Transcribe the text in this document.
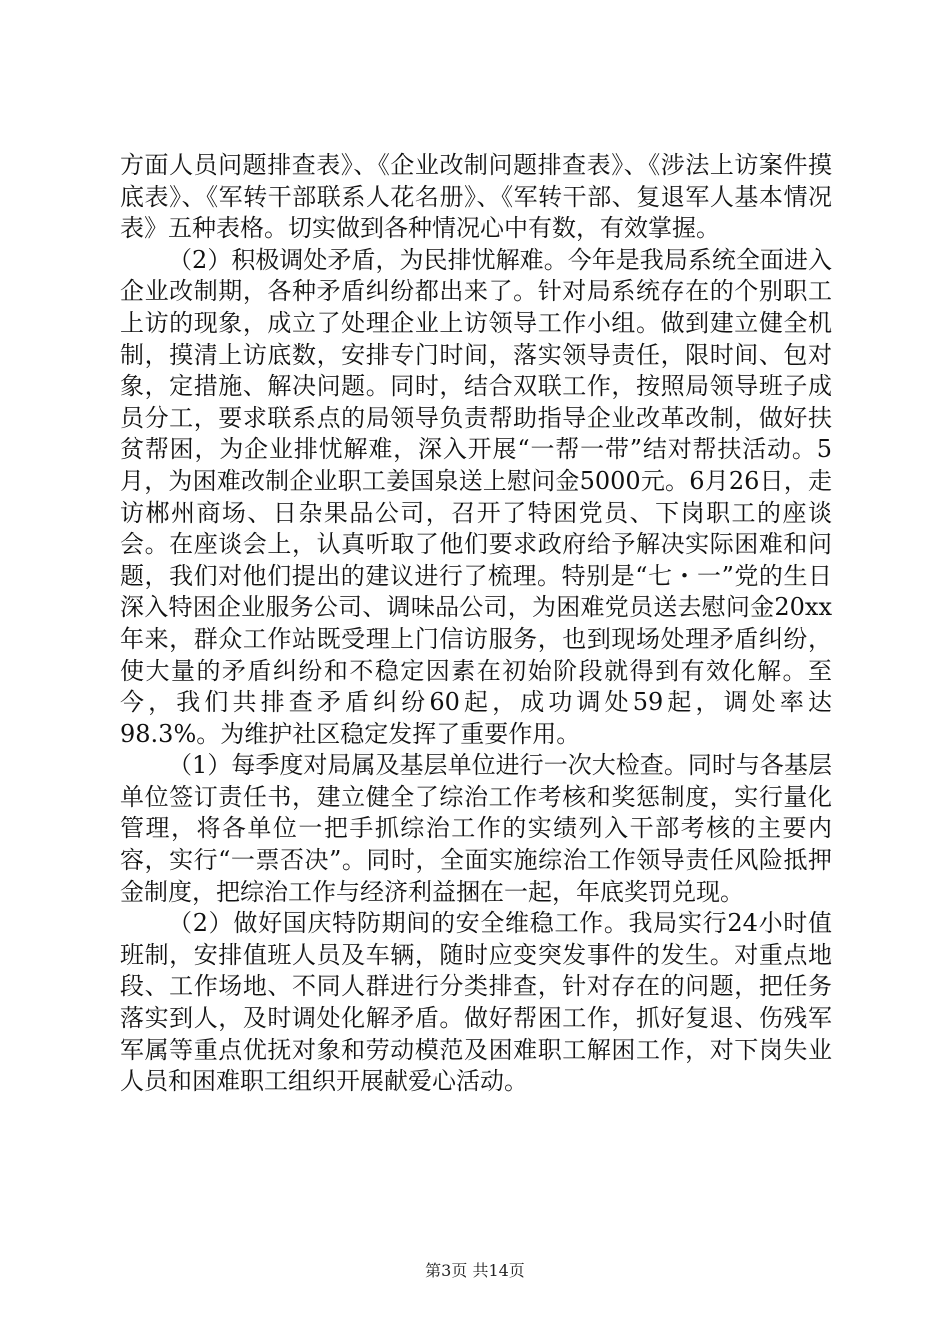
方面人员问题排查表》、《企业改制问题排查表》、《涉法上访案件摸底表》、《军转干部联系人花名册》、《军转干部、复退军人基本情况表》五种表格。切实做到各种情况心中有数，有效掌握。

（2）积极调处矛盾，为民排忧解难。今年是我局系统全面进入企业改制期，各种矛盾纠纷都出来了。针对局系统存在的个别职工上访的现象，成立了处理企业上访领导工作小组。做到建立健全机制，摸清上访底数，安排专门时间，落实领导责任，限时间、包对象，定措施、解决问题。同时，结合双联工作，按照局领导班子成员分工，要求联系点的局领导负责帮助指导企业改革改制，做好扶贫帮困，为企业排忧解难，深入开展“一帮一带”结对帮扶活动。5月，为困难改制企业职工姜国泉送上慰问金5000元。6月26日，走访郴州商场、日杂果品公司，召开了特困党员、下岗职工的座谈会。在座谈会上，认真听取了他们要求政府给予解决实际困难和问题，我们对他们提出的建议进行了梳理。特别是“七・一”党的生日深入特困企业服务公司、调味品公司，为困难党员送去慰问金20xx年来，群众工作站既受理上门信访服务，也到现场处理矛盾纠纷，使大量的矛盾纠纷和不稳定因素在初始阶段就得到有效化解。至今，我们共排查矛盾纠纷60起，成功调处59起，调处率达98.3%。为维护社区稳定发挥了重要作用。

（1）每季度对局属及基层单位进行一次大检查。同时与各基层单位签订责任书，建立健全了综治工作考核和奖惩制度，实行量化管理，将各单位一把手抓综治工作的实绩列入干部考核的主要内容，实行“一票否决”。同时，全面实施综治工作领导责任风险抵押金制度，把综治工作与经济利益捆在一起，年底奖罚兑现。

（2）做好国庆特防期间的安全维稳工作。我局实行24小时值班制，安排值班人员及车辆，随时应变突发事件的发生。对重点地段、工作场地、不同人群进行分类排查，针对存在的问题，把任务落实到人，及时调处化解矛盾。做好帮困工作，抓好复退、伤残军军属等重点优抚对象和劳动模范及困难职工解困工作，对下岗失业人员和困难职工组织开展献爱心活动。

第3页 共14页
